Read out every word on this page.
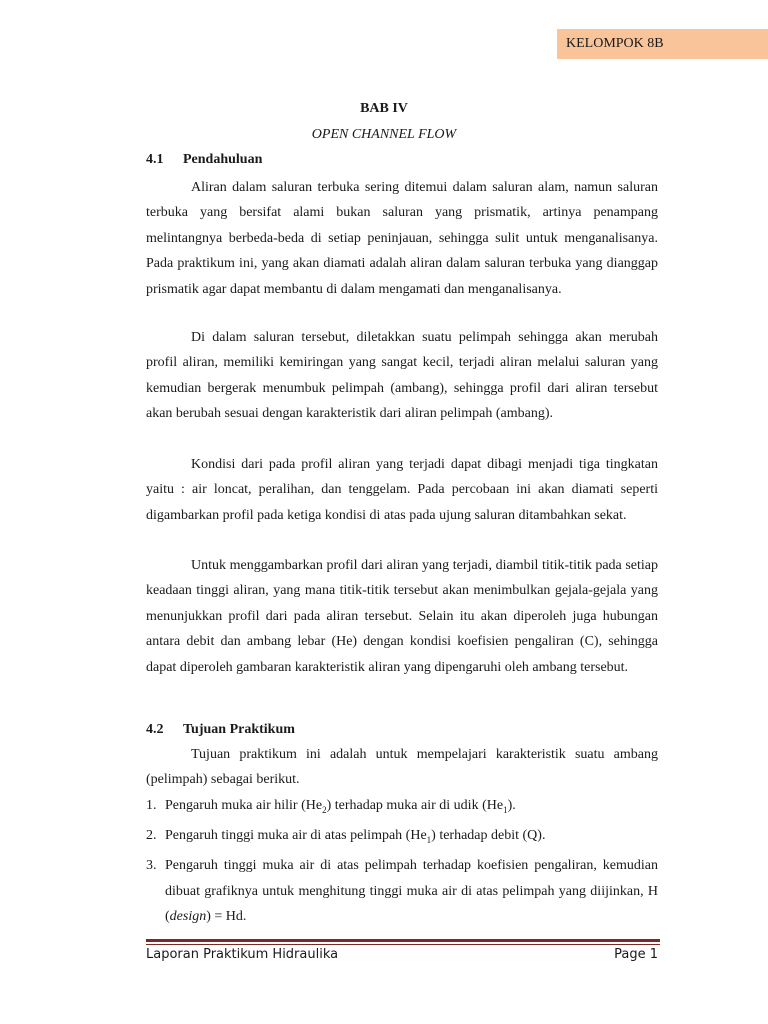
KELOMPOK 8B
BAB IV
OPEN CHANNEL FLOW
4.1 Pendahuluan

Aliran dalam saluran terbuka sering ditemui dalam saluran alam, namun saluran terbuka yang bersifat alami bukan saluran yang prismatik, artinya penampang melintangnya berbeda-beda di setiap peninjauan, sehingga sulit untuk menganalisanya. Pada praktikum ini, yang akan diamati adalah aliran dalam saluran terbuka yang dianggap prismatik agar dapat membantu di dalam mengamati dan menganalisanya.

Di dalam saluran tersebut, diletakkan suatu pelimpah sehingga akan merubah profil aliran, memiliki kemiringan yang sangat kecil, terjadi aliran melalui saluran yang kemudian bergerak menumbuk pelimpah (ambang), sehingga profil dari aliran tersebut akan berubah sesuai dengan karakteristik dari aliran pelimpah (ambang).

Kondisi dari pada profil aliran yang terjadi dapat dibagi menjadi tiga tingkatan yaitu : air loncat, peralihan, dan tenggelam. Pada percobaan ini akan diamati seperti digambarkan profil pada ketiga kondisi di atas pada ujung saluran ditambahkan sekat.

Untuk menggambarkan profil dari aliran yang terjadi, diambil titik-titik pada setiap keadaan tinggi aliran, yang mana titik-titik tersebut akan menimbulkan gejala-gejala yang menunjukkan profil dari pada aliran tersebut. Selain itu akan diperoleh juga hubungan antara debit dan ambang lebar (He) dengan kondisi koefisien pengaliran (C), sehingga dapat diperoleh gambaran karakteristik aliran yang dipengaruhi oleh ambang tersebut.

4.2 Tujuan Praktikum

Tujuan praktikum ini adalah untuk mempelajari karakteristik suatu ambang (pelimpah) sebagai berikut.

1. Pengaruh muka air hilir $(He_2)$ terhadap muka air di udik $(He_1)$.
2. Pengaruh tinggi muka air di atas pelimpah $(He_1)$ terhadap debit (Q).
3. Pengaruh tinggi muka air di atas pelimpah terhadap koefisien pengaliran, kemudian dibuat grafiknya untuk menghitung tinggi muka air di atas pelimpah yang diijinkan, H (design) = Hd.
Laporan Praktikum Hidraulika	Page 1
